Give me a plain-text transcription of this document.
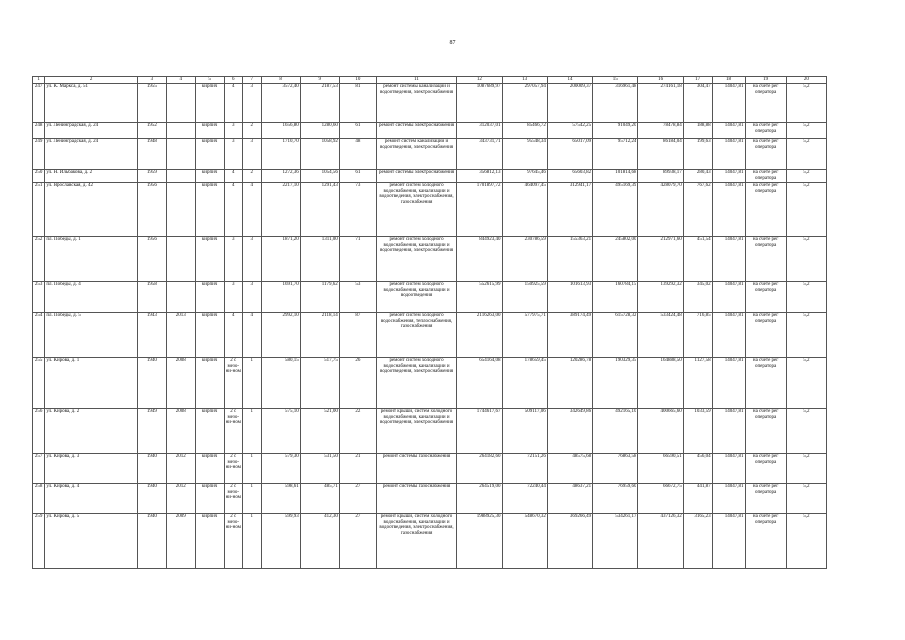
87
1	2	3	4	5	6	7	8	9	10	11	12	13	14	15	16	17	18	19	20

247	ул. К. Маркса, д. 51	1955		кирпич	4	3	3572,40	2187,53	81	ремонт системы канализации и водоотведения, электроснабжения	1087689,97	297057,94	200009,37	316961,48	274161,18	304,47	14047,81	на счете рег оператора	5,2

248	ул. Ленинградская, д. 24	1952		кирпич	3	2	1656,80	1280,60	61	ремонт системы электроснабжения	312037,01	85466,72	57542,25	91049,20	78478,84	188,88	14047,81	на счете рег оператора	5,2

249	ул. Ленинградская, д. 24	1948		кирпич	3	3	1710,70	1058,92	48	ремонт систем канализации и водоотведения, электроснабжения	343731,71	95548,34	65017,09	95712,24	86184,04	199,63	14047,81	на счете рег оператора	5,2

250	ул. Н. Ильбакова, д. 2	1959		кирпич	4	2	1272,36	1054,56	61	ремонт системы электроснабжения	356812,13	97645,46	65603,82	101814,68	89938,17	280,43	14047,81	на счете рег оператора	5,2

251	ул. Ярославская, д. 42	1956		кирпич	4	4	2217,10	1291,43	73	ремонт систем холодного водоснабжения, канализации и водоотведения, электроснабжения, газоснабжения	1701897,72	464097,45	312941,17	495169,39	428079,70	767,62	14047,81	на счете рег оператора	5,2

252	пл. Победы, д. 1	1956		кирпич	3	3	1871,20	1311,00	71	ремонт систем холодного водоснабжения, канализации и водоотведения, электроснабжения	844923,40	230786,59	155363,21	245802,00	212971,60	451,54	14047,81	на счете рег оператора	5,2

253	пл. Победы, д. 4	1958		кирпич	3	3	1691,70	1179,62	53	ремонт систем холодного водоснабжения, канализации и водоотведения	552615,99	150925,59	101613,93	160784,15	139292,32	345,02	14047,81	на счете рег оператора	5,2

254	пл. Победы, д. 5	1943	2013	кирпич	4	4	2992,10	2118,14	87	ремонт систем холодного водоснабжения, теплоснабжения, газоснабжения	2116263,00	577975,71	389174,49	615728,32	533424,48	716,85	14047,81	на счете рег оператора	5,2

255	ул. Кирова, д. 1	1940	2008	кирпич	2 с мезо-ни-ном	1	580,15	517,75	26	ремонт систем холодного водоснабжения, канализации и водоотведения, электроснабжения	654164,08	178659,45	120286,78	190329,35	164888,50	1127,58	14047,81	на счете рег оператора	5,2

256	ул. Кирова, д. 2	1949	2008	кирпич	2 с мезо-ни-ном	1	575,10	521,00	22	ремонт крыши, систем холодного водоснабжения, канализации и водоотведения, электроснабжения	1744617,67	509117,06	342649,86	492165,10	400665,60	1033,59	14047,81	на счете рег оператора	5,2

257	ул. Кирова, д. 3	1940	2012	кирпич	2 с мезо-ни-ном	1	579,30	531,50	21	ремонт системы газоснабжения	264182,60	72151,26	48575,68	76863,58	66590,51	456,04	14047,81	на счете рег оператора	5,2

258	ул. Кирова, д. 4	1940	2012	кирпич	2 с мезо-ни-ном	1	598,61	485,71	27	ремонт системы газоснабжения	264519,00	72240,44	48637,21	76959,60	66672,75	441,87	14047,81	на счете рег оператора	5,2

259	ул. Кирова, д. 5	1940	2009	кирпич	2 с мезо-ни-ном	1	599,93	412,30	27	ремонт крыши, систем холодного водоснабжения, канализации и водоотведения, электроснабжения, газоснабжения	1988925,30	548670,32	369266,49	534261,17	437126,32	3165,23	14047,81	на счете рег оператора	5,2
